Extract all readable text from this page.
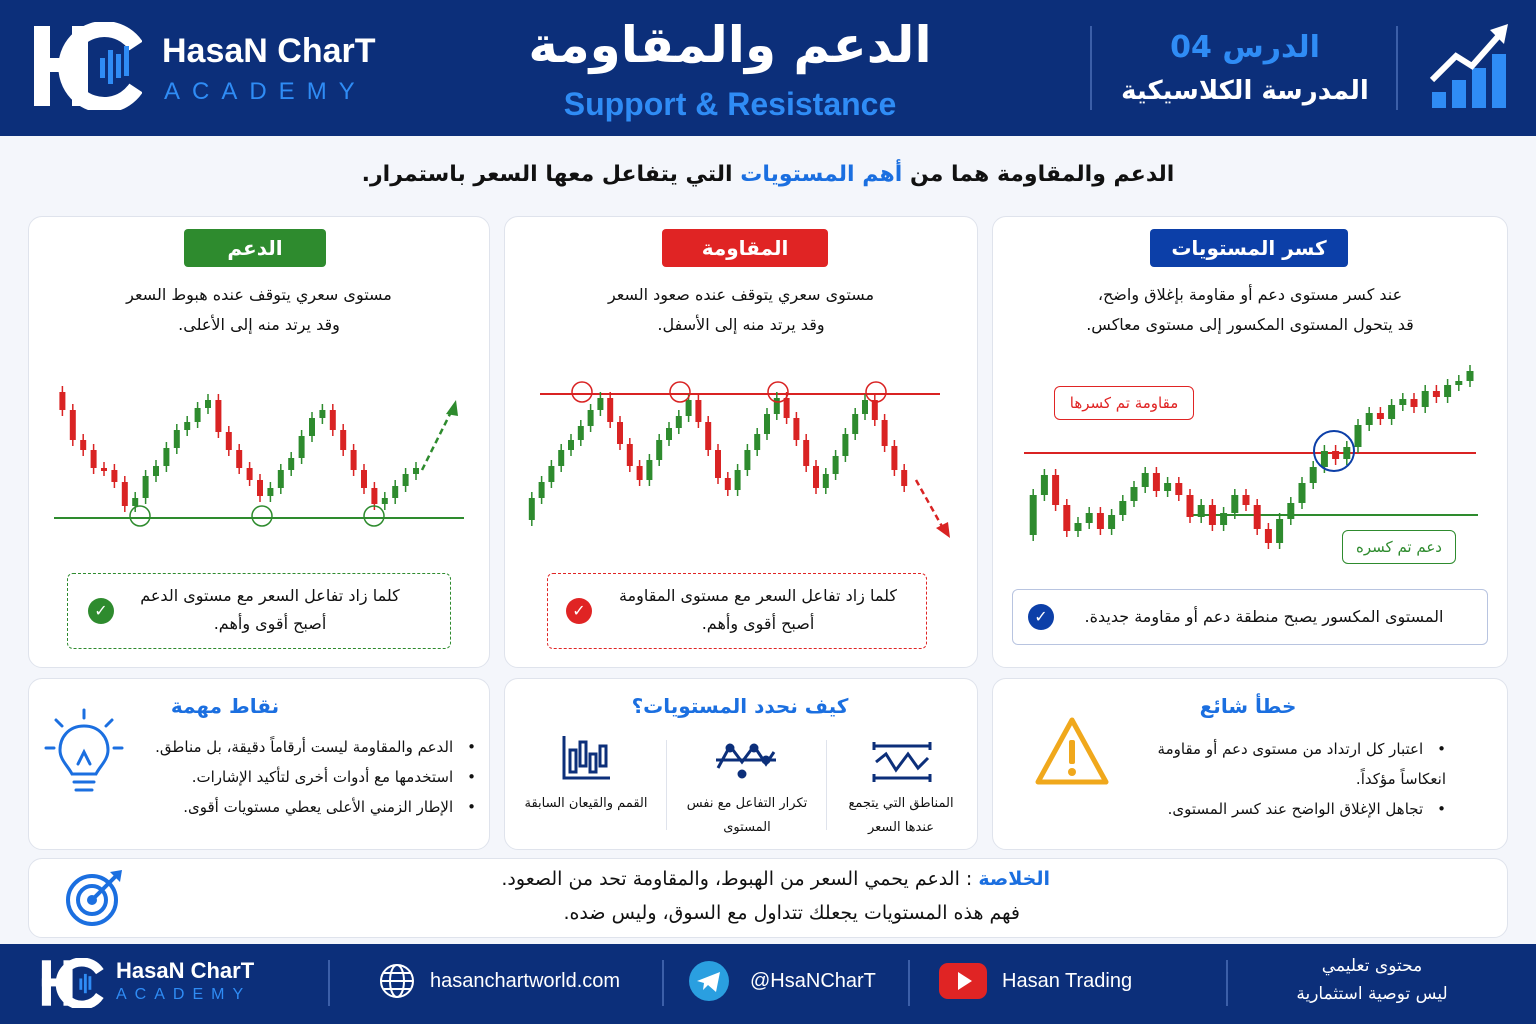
HasaN CharT
ACADEMY
الدعم والمقاومة
Support & Resistance
الدرس 04
المدرسة الكلاسيكية
الدعم والمقاومة هما من أهم المستويات التي يتفاعل معها السعر باستمرار.
الدعم
مستوى سعري يتوقف عنده هبوط السعر
وقد يرتد منه إلى الأعلى.
✓
كلما زاد تفاعل السعر مع مستوى الدعم
أصبح أقوى وأهم.
المقاومة
مستوى سعري يتوقف عنده صعود السعر
وقد يرتد منه إلى الأسفل.
✓
كلما زاد تفاعل السعر مع مستوى المقاومة
أصبح أقوى وأهم.
كسر المستويات
عند كسر مستوى دعم أو مقاومة بإغلاق واضح،
قد يتحول المستوى المكسور إلى مستوى معاكس.
مقاومة تم كسرها
دعم تم كسره
✓	المستوى المكسور يصبح منطقة دعم أو مقاومة جديدة.
نقاط مهمة
• الدعم والمقاومة ليست أرقاماً دقيقة، بل مناطق.
• استخدمها مع أدوات أخرى لتأكيد الإشارات.
• الإطار الزمني الأعلى يعطي مستويات أقوى.
كيف نحدد المستويات؟
المناطق التي يتجمع
عندها السعر
تكرار التفاعل مع نفس
المستوى
القمم والقيعان السابقة
خطأ شائع
• اعتبار كل ارتداد من مستوى دعم أو مقاومة انعكاساً مؤكداً.
• تجاهل الإغلاق الواضح عند كسر المستوى.
الخلاصة : الدعم يحمي السعر من الهبوط، والمقاومة تحد من الصعود.
فهم هذه المستويات يجعلك تتداول مع السوق، وليس ضده.
HasaN CharT
ACADEMY
hasanchartworld.com	@HsaNCharT	Hasan Trading
محتوى تعليمي
ليس توصية استثمارية
